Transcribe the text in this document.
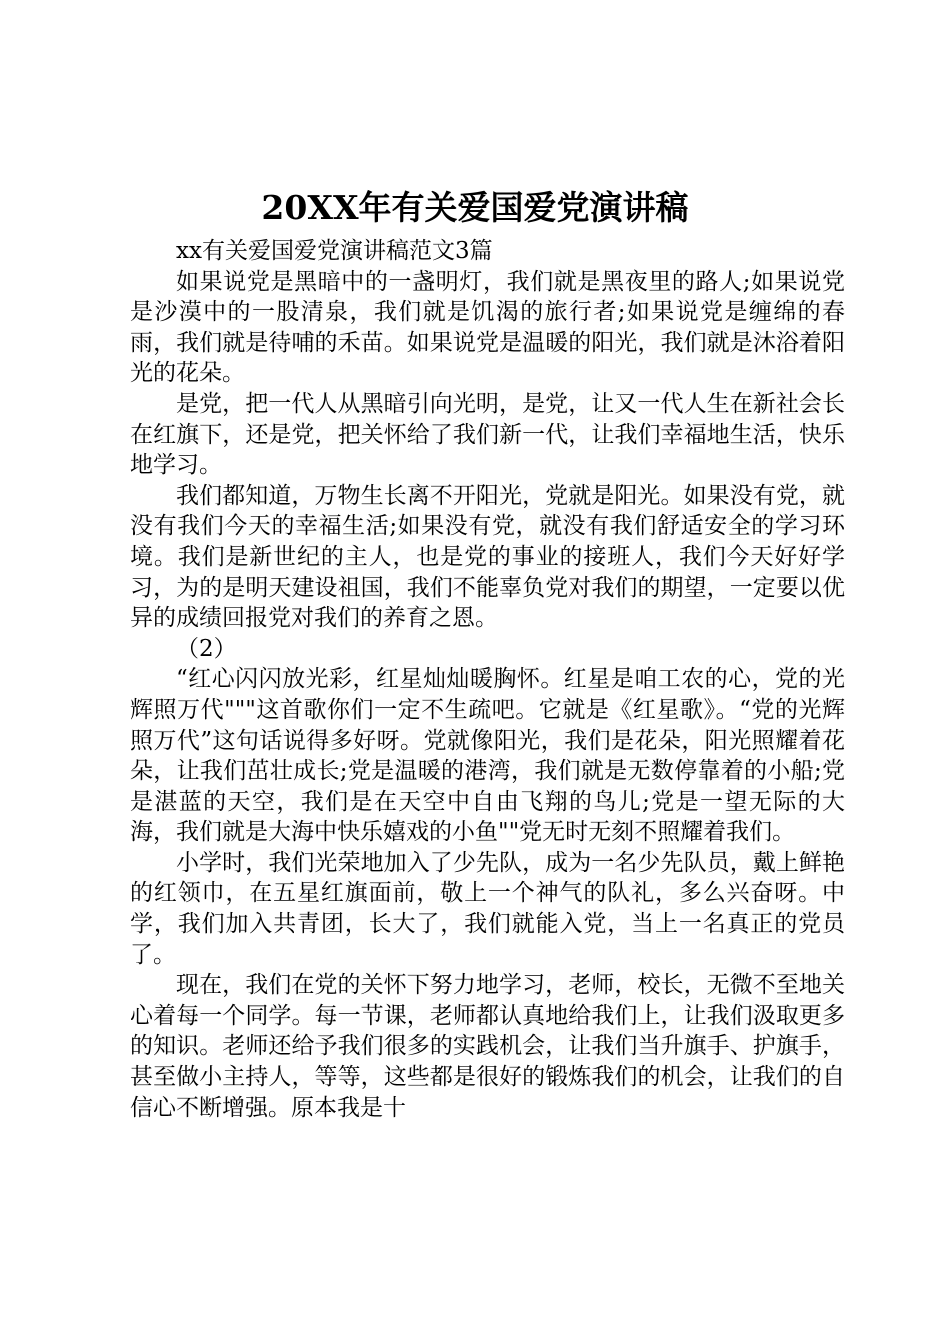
20XX年有关爱国爱党演讲稿

xx有关爱国爱党演讲稿范文3篇

如果说党是黑暗中的一盏明灯，我们就是黑夜里的路人;如果说党是沙漠中的一股清泉，我们就是饥渴的旅行者;如果说党是缠绵的春雨，我们就是待哺的禾苗。如果说党是温暖的阳光，我们就是沐浴着阳光的花朵。

是党，把一代人从黑暗引向光明，是党，让又一代人生在新社会长在红旗下，还是党，把关怀给了我们新一代，让我们幸福地生活，快乐地学习。

我们都知道，万物生长离不开阳光，党就是阳光。如果没有党，就没有我们今天的幸福生活;如果没有党，就没有我们舒适安全的学习环境。我们是新世纪的主人，也是党的事业的接班人，我们今天好好学习，为的是明天建设祖国，我们不能辜负党对我们的期望，一定要以优异的成绩回报党对我们的养育之恩。

（2）

“红心闪闪放光彩，红星灿灿暖胸怀。红星是咱工农的心，党的光辉照万代"""这首歌你们一定不生疏吧。它就是《红星歌》。“党的光辉照万代”这句话说得多好呀。党就像阳光，我们是花朵，阳光照耀着花朵，让我们茁壮成长;党是温暖的港湾，我们就是无数停靠着的小船;党是湛蓝的天空，我们是在天空中自由飞翔的鸟儿;党是一望无际的大海，我们就是大海中快乐嬉戏的小鱼""党无时无刻不照耀着我们。

小学时，我们光荣地加入了少先队，成为一名少先队员，戴上鲜艳的红领巾，在五星红旗面前，敬上一个神气的队礼，多么兴奋呀。中学，我们加入共青团，长大了，我们就能入党，当上一名真正的党员了。

现在，我们在党的关怀下努力地学习，老师，校长，无微不至地关心着每一个同学。每一节课，老师都认真地给我们上，让我们汲取更多的知识。老师还给予我们很多的实践机会，让我们当升旗手、护旗手，甚至做小主持人，等等，这些都是很好的锻炼我们的机会，让我们的自信心不断增强。原本我是十
